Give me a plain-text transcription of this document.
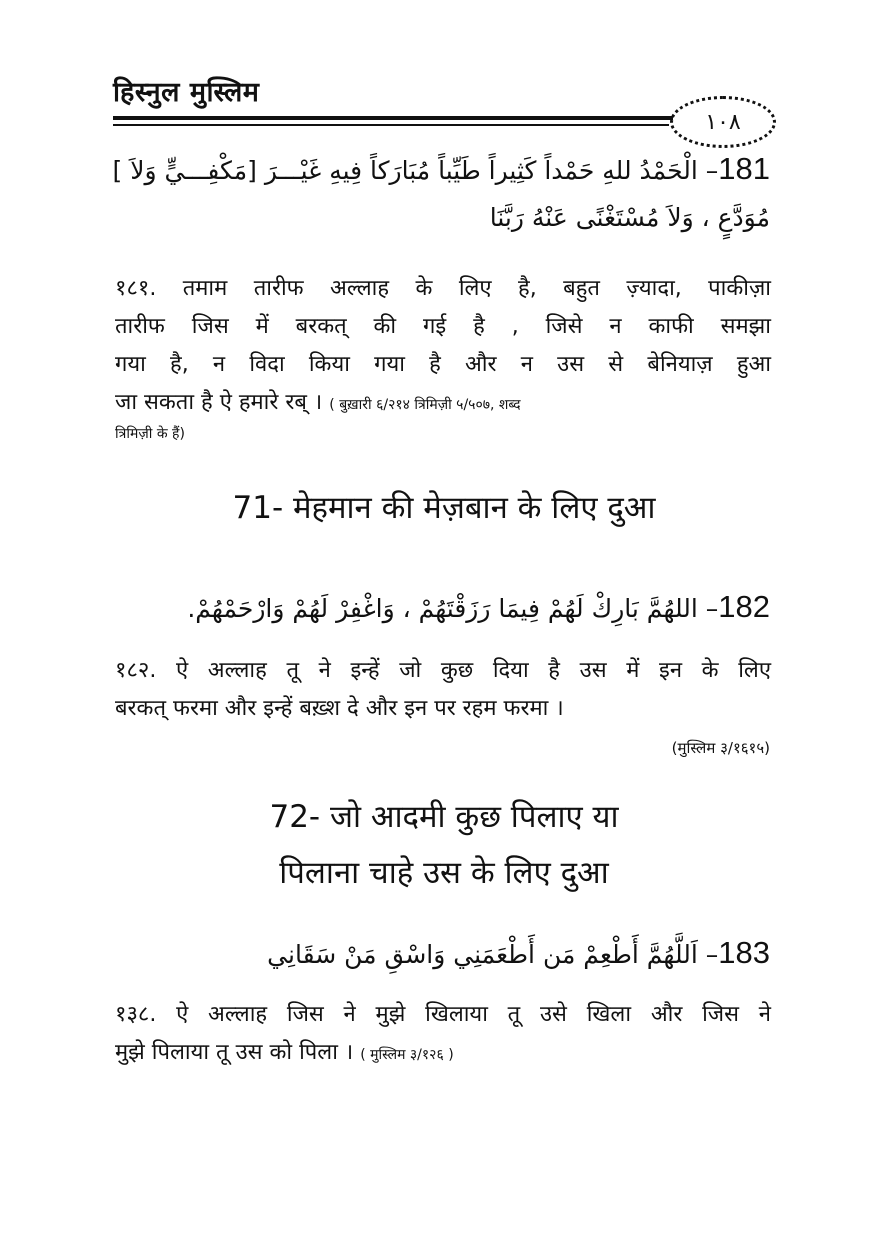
हिस्नुल मुस्लिम
١٠٨
181– الْحَمْدُ للهِ حَمْداً كَثِيراً طَيِّباً مُبَارَكاً فِيهِ غَيْـــرَ [مَكْفِـــيٍّ وَلاَ ]
مُوَدَّعٍ ، وَلاَ مُسْتَغْنًى عَنْهُ رَبَّنَا
१८१. तमाम तारीफ अल्लाह के लिए है, बहुत ज़्यादा, पाकीज़ा
तारीफ जिस में बरकत् की गई है , जिसे न काफी समझा
गया है, न विदा किया गया है और न उस से बेनियाज़ हुआ
जा सकता है ऐ हमारे रब् । ( बुख़ारी ६/२१४ त्रिमिज़ी ५/५०७, शब्द
त्रिमिज़ी के हैं)
71- मेहमान की मेज़बान के लिए दुआ
182– اللهُمَّ بَارِكْ لَهُمْ فِيمَا رَزَقْتَهُمْ ، وَاغْفِرْ لَهُمْ وَارْحَمْهُمْ.
१८२. ऐ अल्लाह तू ने इन्हें जो कुछ दिया है उस में इन के लिए
बरकत् फरमा और इन्हें बख़्श दे और इन पर रहम फरमा ।
(मुस्लिम ३/१६१५)
72- जो आदमी कुछ पिलाए या
पिलाना चाहे उस के लिए दुआ
183– اَللَّهُمَّ أَطْعِمْ مَن أَطْعَمَنِي وَاسْقِ مَنْ سَقَانِي
१३८. ऐ अल्लाह जिस ने मुझे खिलाया तू उसे खिला और जिस ने
मुझे पिलाया तू उस को पिला । ( मुस्लिम ३/१२६ )
